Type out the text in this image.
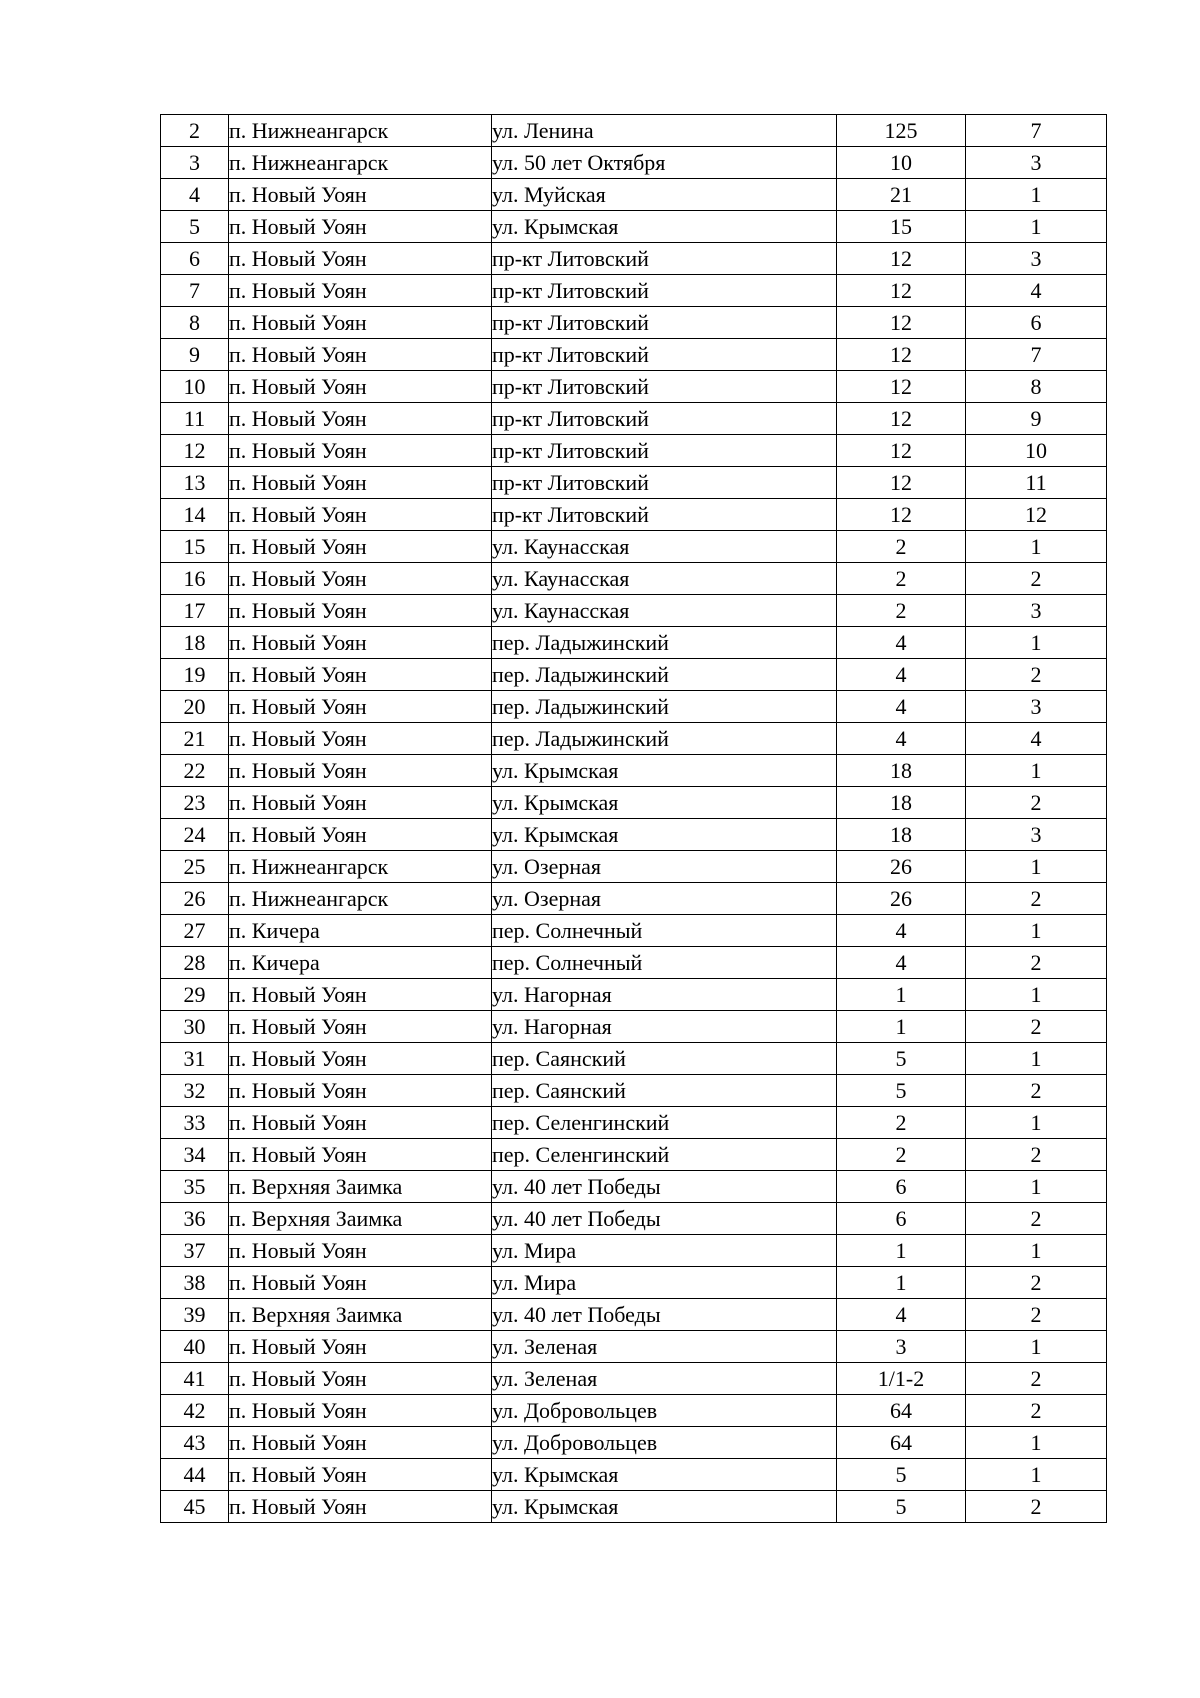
2	п. Нижнеангарск	ул. Ленина	125	7
3	п. Нижнеангарск	ул. 50 лет Октября	10	3
4	п. Новый Уоян	ул. Муйская	21	1
5	п. Новый Уоян	ул. Крымская	15	1
6	п. Новый Уоян	пр-кт Литовский	12	3
7	п. Новый Уоян	пр-кт Литовский	12	4
8	п. Новый Уоян	пр-кт Литовский	12	6
9	п. Новый Уоян	пр-кт Литовский	12	7
10	п. Новый Уоян	пр-кт Литовский	12	8
11	п. Новый Уоян	пр-кт Литовский	12	9
12	п. Новый Уоян	пр-кт Литовский	12	10
13	п. Новый Уоян	пр-кт Литовский	12	11
14	п. Новый Уоян	пр-кт Литовский	12	12
15	п. Новый Уоян	ул. Каунасская	2	1
16	п. Новый Уоян	ул. Каунасская	2	2
17	п. Новый Уоян	ул. Каунасская	2	3
18	п. Новый Уоян	пер. Ладыжинский	4	1
19	п. Новый Уоян	пер. Ладыжинский	4	2
20	п. Новый Уоян	пер. Ладыжинский	4	3
21	п. Новый Уоян	пер. Ладыжинский	4	4
22	п. Новый Уоян	ул. Крымская	18	1
23	п. Новый Уоян	ул. Крымская	18	2
24	п. Новый Уоян	ул. Крымская	18	3
25	п. Нижнеангарск	ул. Озерная	26	1
26	п. Нижнеангарск	ул. Озерная	26	2
27	п. Кичера	пер. Солнечный	4	1
28	п. Кичера	пер. Солнечный	4	2
29	п. Новый Уоян	ул. Нагорная	1	1
30	п. Новый Уоян	ул. Нагорная	1	2
31	п. Новый Уоян	пер. Саянский	5	1
32	п. Новый Уоян	пер. Саянский	5	2
33	п. Новый Уоян	пер. Селенгинский	2	1
34	п. Новый Уоян	пер. Селенгинский	2	2
35	п. Верхняя Заимка	ул. 40 лет Победы	6	1
36	п. Верхняя Заимка	ул. 40 лет Победы	6	2
37	п. Новый Уоян	ул. Мира	1	1
38	п. Новый Уоян	ул. Мира	1	2
39	п. Верхняя Заимка	ул. 40 лет Победы	4	2
40	п. Новый Уоян	ул. Зеленая	3	1
41	п. Новый Уоян	ул. Зеленая	1/1-2	2
42	п. Новый Уоян	ул. Добровольцев	64	2
43	п. Новый Уоян	ул. Добровольцев	64	1
44	п. Новый Уоян	ул. Крымская	5	1
45	п. Новый Уоян	ул. Крымская	5	2
